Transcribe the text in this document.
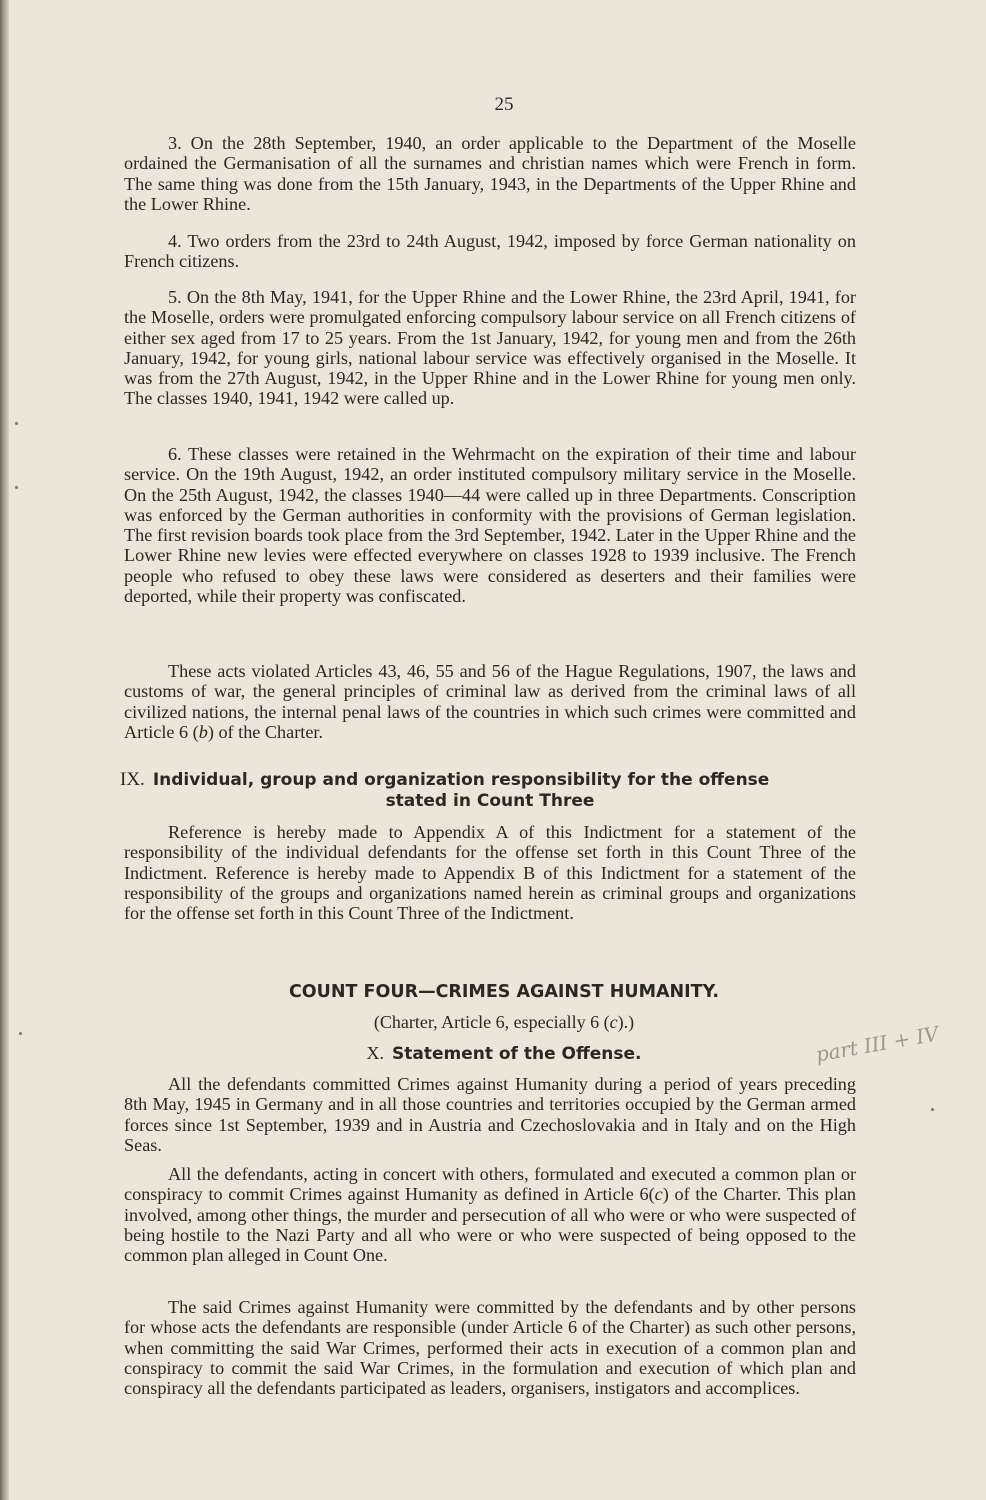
25

3. On the 28th September, 1940, an order applicable to the Department of the Moselle ordained the Germanisation of all the surnames and christian names which were French in form. The same thing was done from the 15th January, 1943, in the Departments of the Upper Rhine and the Lower Rhine.

4. Two orders from the 23rd to 24th August, 1942, imposed by force German nationality on French citizens.

5. On the 8th May, 1941, for the Upper Rhine and the Lower Rhine, the 23rd April, 1941, for the Moselle, orders were promulgated enforcing compulsory labour service on all French citizens of either sex aged from 17 to 25 years. From the 1st January, 1942, for young men and from the 26th January, 1942, for young girls, national labour service was effectively organised in the Moselle. It was from the 27th August, 1942, in the Upper Rhine and in the Lower Rhine for young men only. The classes 1940, 1941, 1942 were called up.

6. These classes were retained in the Wehrmacht on the expiration of their time and labour service. On the 19th August, 1942, an order instituted compulsory military service in the Moselle. On the 25th August, 1942, the classes 1940—44 were called up in three Departments. Conscription was enforced by the German authorities in conformity with the provisions of German legislation. The first revision boards took place from the 3rd September, 1942. Later in the Upper Rhine and the Lower Rhine new levies were effected everywhere on classes 1928 to 1939 inclusive. The French people who refused to obey these laws were considered as deserters and their families were deported, while their property was confiscated.

These acts violated Articles 43, 46, 55 and 56 of the Hague Regulations, 1907, the laws and customs of war, the general principles of criminal law as derived from the criminal laws of all civilized nations, the internal penal laws of the countries in which such crimes were committed and Article 6 (b) of the Charter.

IX. Individual, group and organization responsibility for the offense
stated in Count Three

Reference is hereby made to Appendix A of this Indictment for a statement of the responsibility of the individual defendants for the offense set forth in this Count Three of the Indictment. Reference is hereby made to Appendix B of this Indictment for a statement of the responsibility of the groups and organizations named herein as criminal groups and organizations for the offense set forth in this Count Three of the Indictment.

COUNT FOUR—CRIMES AGAINST HUMANITY.
(Charter, Article 6, especially 6 (c).)
X. Statement of the Offense.

All the defendants committed Crimes against Humanity during a period of years preceding 8th May, 1945 in Germany and in all those countries and territories occupied by the German armed forces since 1st September, 1939 and in Austria and Czechoslovakia and in Italy and on the High Seas.

All the defendants, acting in concert with others, formulated and executed a common plan or conspiracy to commit Crimes against Humanity as defined in Article 6(c) of the Charter. This plan involved, among other things, the murder and persecution of all who were or who were suspected of being hostile to the Nazi Party and all who were or who were suspected of being opposed to the common plan alleged in Count One.

The said Crimes against Humanity were committed by the defendants and by other persons for whose acts the defendants are responsible (under Article 6 of the Charter) as such other persons, when committing the said War Crimes, performed their acts in execution of a common plan and conspiracy to commit the said War Crimes, in the formulation and execution of which plan and conspiracy all the defendants participated as leaders, organisers, instigators and accomplices.

part III + IV
